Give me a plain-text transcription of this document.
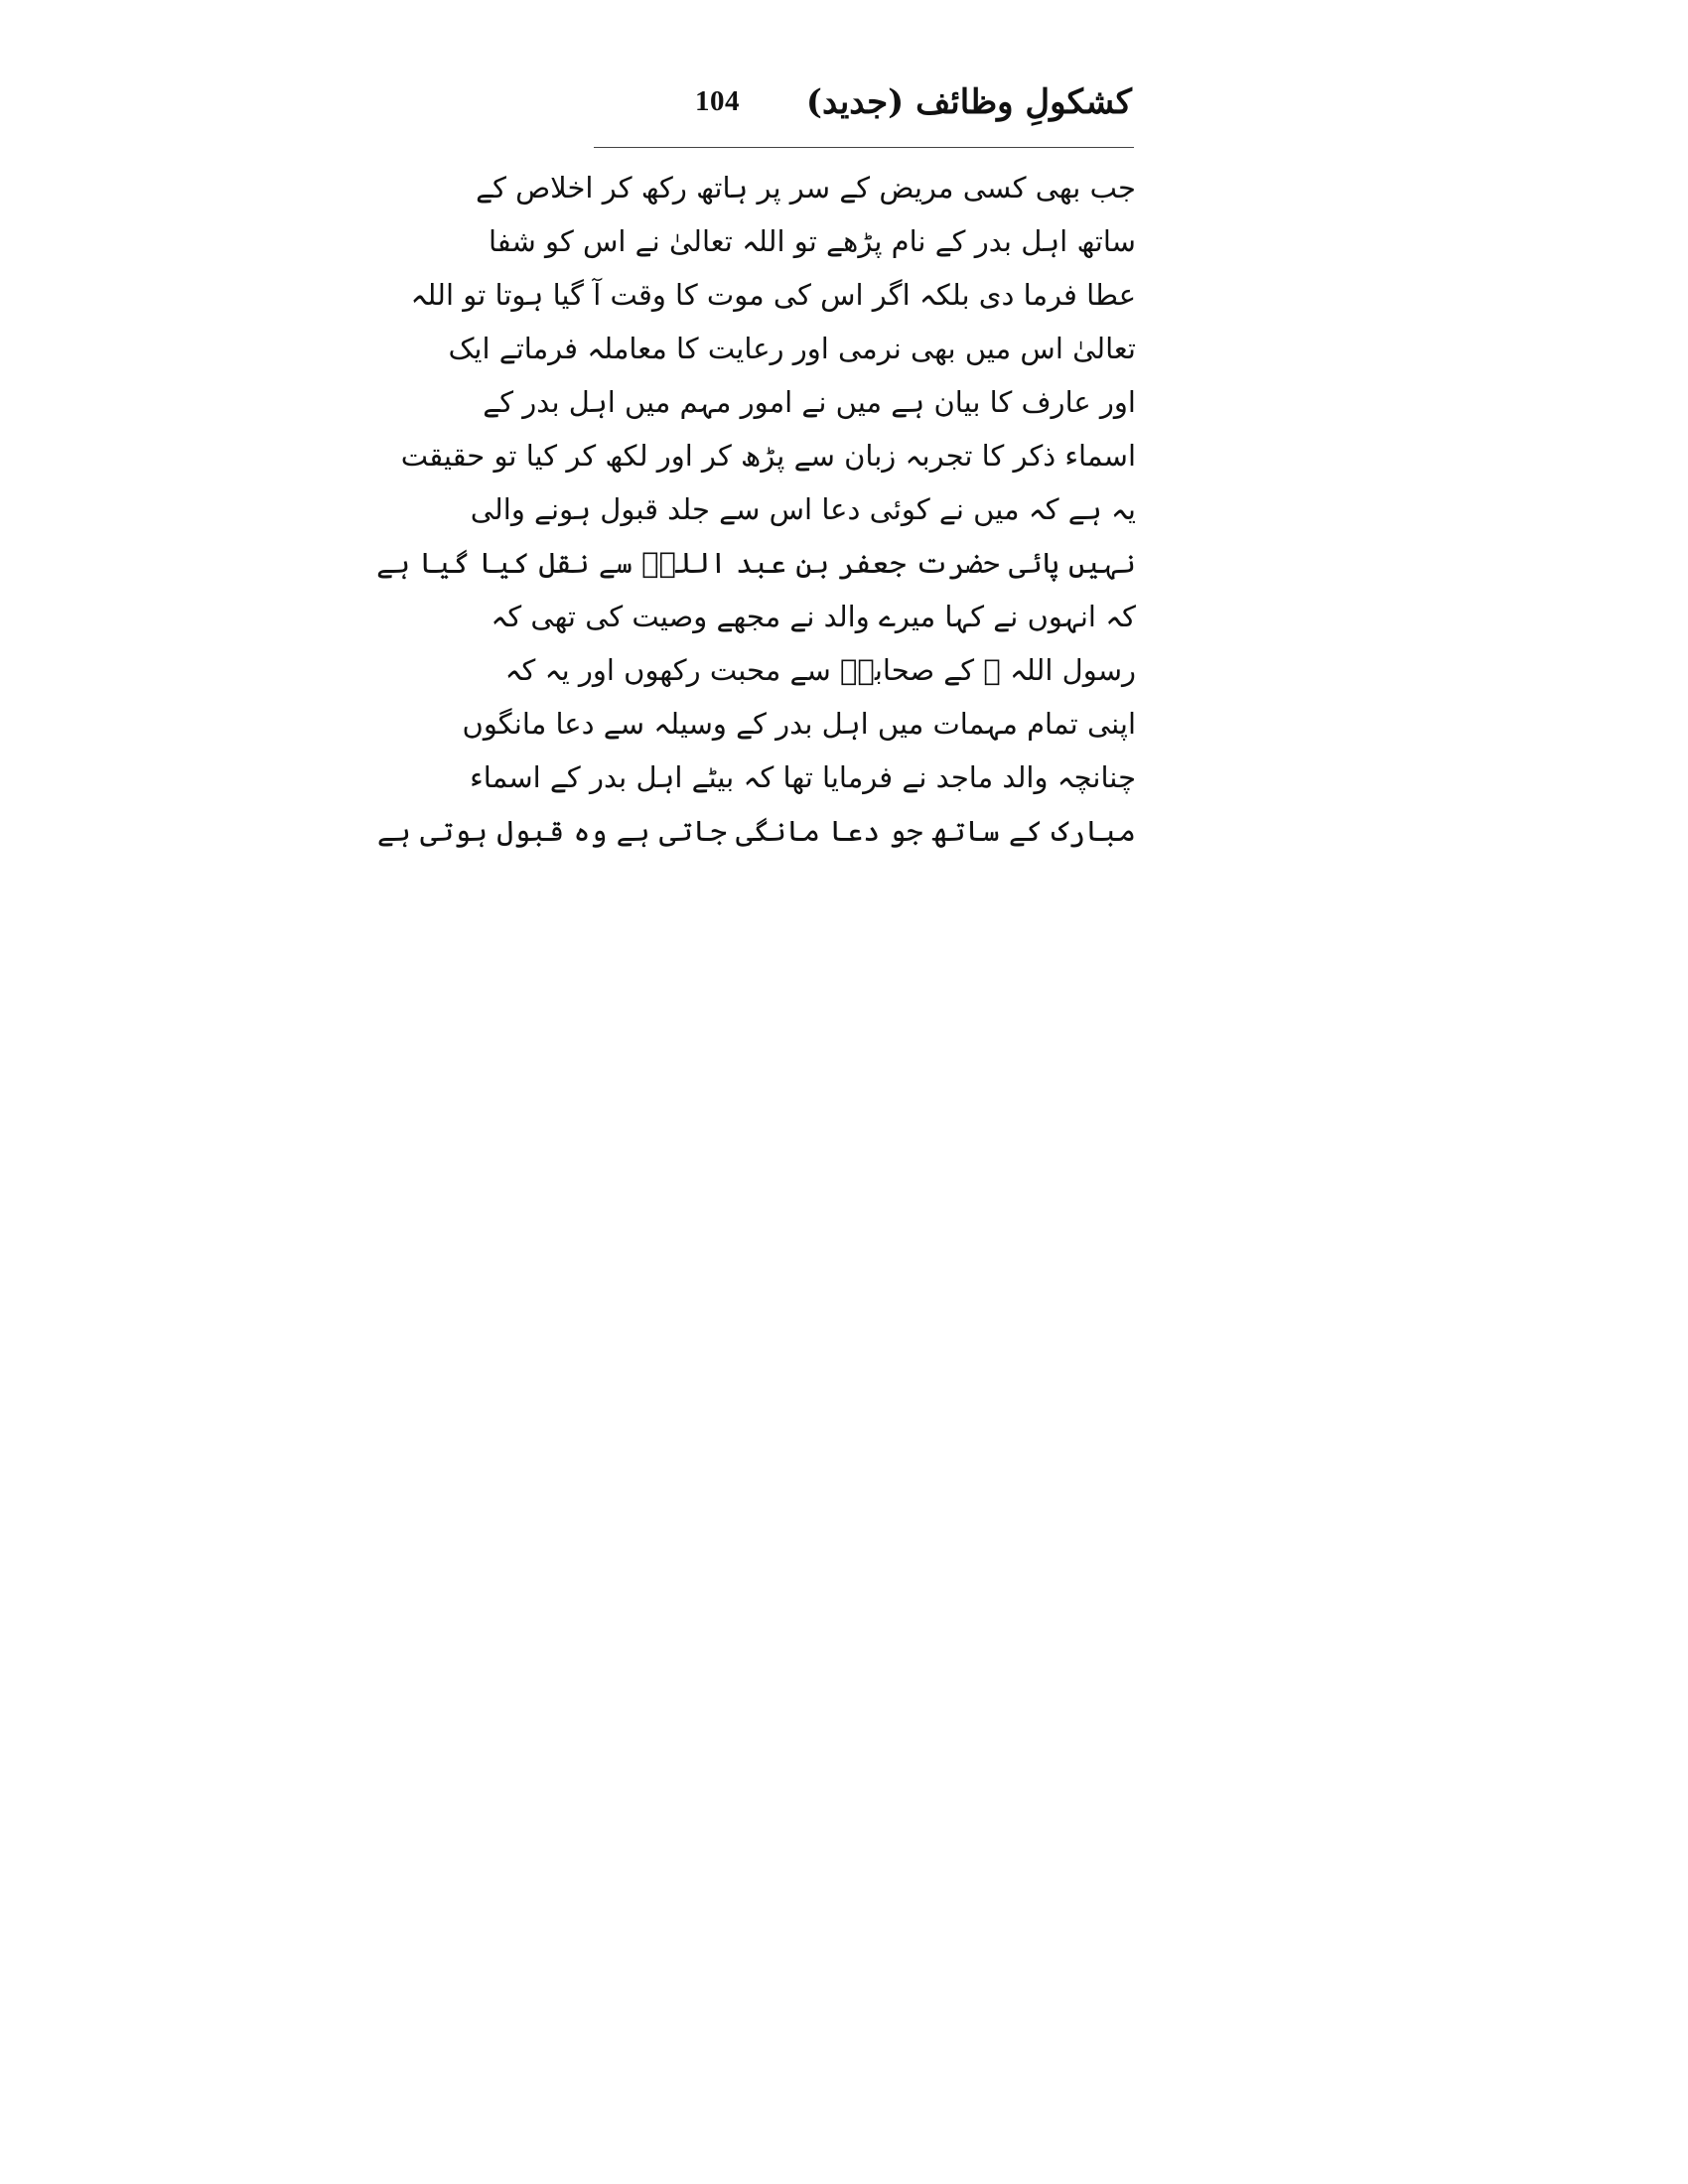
کشکولِ وظائف (جدید)
104
جب بھی کسی مریض کے سر پر ہاتھ رکھ کر اخلاص کے
ساتھ اہل بدر کے نام پڑھے تو اللہ تعالیٰ نے اس کو شفا
عطا فرما دی بلکہ اگر اس کی موت کا وقت آ گیا ہوتا تو اللہ
تعالیٰ اس میں بھی نرمی اور رعایت کا معاملہ فرماتے ایک
اور عارف کا بیان ہے میں نے امور مہم میں اہل بدر کے
اسماء ذکر کا تجربہ زبان سے پڑھ کر اور لکھ کر کیا تو حقیقت
یہ ہے کہ میں نے کوئی دعا اس سے جلد قبول ہونے والی
نہیں پائی حضرت جعفر بن عبد اللہؓ سے نقل کیا گیا ہے
کہ انہوں نے کہا میرے والد نے مجھے وصیت کی تھی کہ
رسول اللہ ﷺ کے صحابہؓ سے محبت رکھوں اور یہ کہ
اپنی تمام مہمات میں اہل بدر کے وسیلہ سے دعا مانگوں
چنانچہ والد ماجد نے فرمایا تھا کہ بیٹے اہل بدر کے اسماء
مبارک کے ساتھ جو دعا مانگی جاتی ہے وہ قبول ہوتی ہے
